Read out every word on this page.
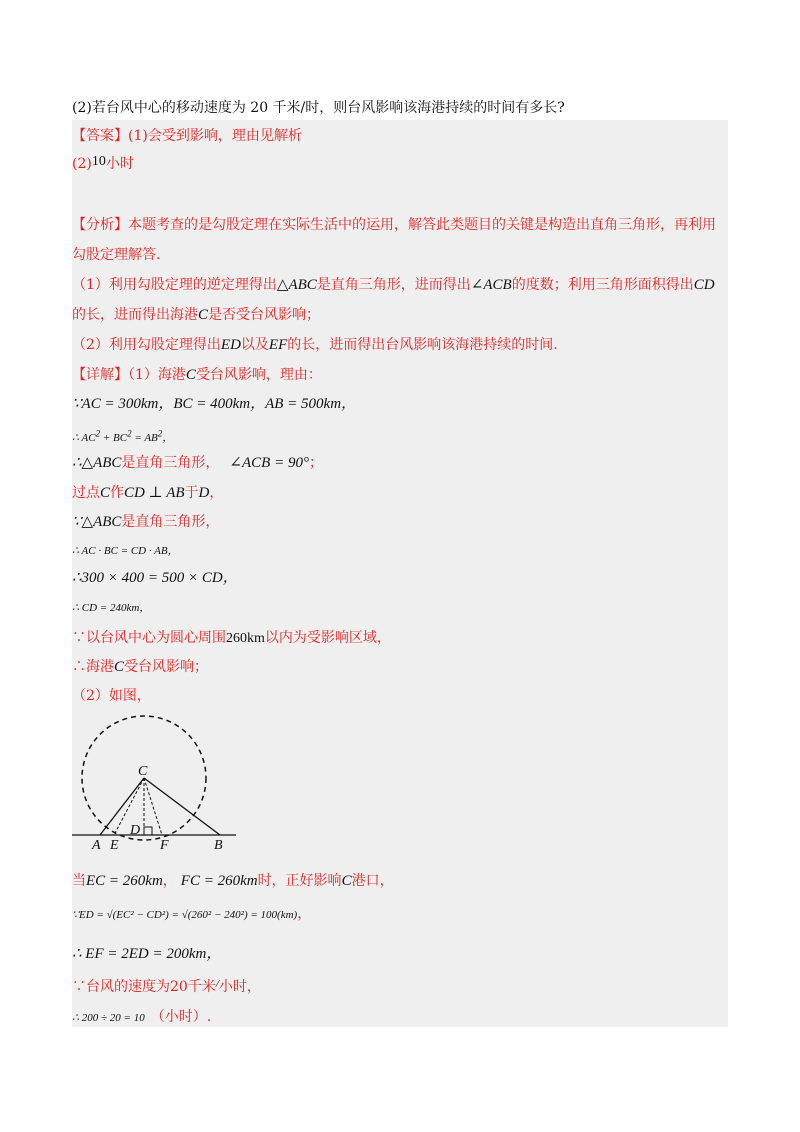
(2)若台风中心的移动速度为 20 千米/时，则台风影响该海港持续的时间有多长?
【答案】(1)会受到影响，理由见解析
(2)10小时
【分析】本题考查的是勾股定理在实际生活中的运用，解答此类题目的关键是构造出直角三角形，再利用
勾股定理解答.
（1）利用勾股定理的逆定理得出△ABC是直角三角形，进而得出∠ACB的度数；利用三角形面积得出CD
的长，进而得出海港C是否受台风影响；
（2）利用勾股定理得出ED以及EF的长，进而得出台风影响该海港持续的时间.
【详解】（1）海港C受台风影响，理由：
∵AC = 300km，BC = 400km，AB = 500km，
∴ $AC^2 + BC^2 = AB^2$，
∴△ABC是直角三角形， ∠ACB = 90°；
过点C作CD ⊥ AB于D，
∵△ABC是直角三角形，
∴ AC · BC = CD · AB，
∴300 × 400 = 500 × CD，
∴ CD = 240km，
∵以台风中心为圆心周围260km以内为受影响区域，
∴海港C受台风影响；
（2）如图，
C
D
A E	F	B
当EC = 260km， FC = 260km时，正好影响C港口，
∵ED = √(EC² − CD²) = √(260² − 240²) = 100(km)，
∴ EF = 2ED = 200km，
∵台风的速度为20千米/小时，
∴ 200 ÷ 20 = 10 （小时）.
